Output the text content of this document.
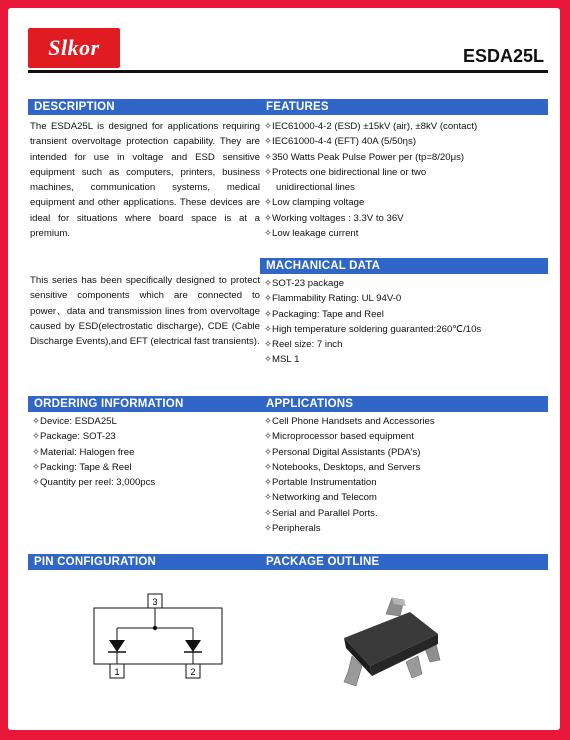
Slkor	ESDA25L
DESCRIPTION

The ESDA25L is designed for applications requiring transient overvoltage protection capability. They are intended for use in voltage and ESD sensitive equipment such as computers, printers, business machines, communication systems, medical equipment and other applications. These devices are ideal for situations where board space is at a premium.

This series has been specifically designed to protect sensitive components which are connected to power、data and transmission lines from overvoltage caused by ESD(electrostatic discharge), CDE (Cable Discharge Events),and EFT (electrical fast transients).

FEATURES
✧IEC61000-4-2 (ESD) ±15kV (air), ±8kV (contact)
✧IEC61000-4-4 (EFT) 40A (5/50ηs)
✧350 Watts Peak Pulse Power per (tp=8/20μs)
✧Protects one bidirectional line or two
unidirectional lines
✧Low clamping voltage
✧Working voltages : 3.3V to 36V
✧Low leakage current
MACHANICAL DATA
✧SOT-23 package
✧Flammability Rating: UL 94V-0
✧Packaging: Tape and Reel
✧High temperature soldering guaranted:260℃/10s
✧Reel size: 7 inch
✧MSL 1
ORDERING INFORMATION
✧Device: ESDA25L
✧Package: SOT-23
✧Material: Halogen free
✧Packing: Tape & Reel
✧Quantity per reel: 3,000pcs
APPLICATIONS
✧Cell Phone Handsets and Accessories
✧Microprocessor based equipment
✧Personal Digital Assistants (PDA's)
✧Notebooks, Desktops, and Servers
✧Portable Instrumentation
✧Networking and Telecom
✧Serial and Parallel Ports.
✧Peripherals
PIN CONFIGURATION
3
1	2
PACKAGE OUTLINE
